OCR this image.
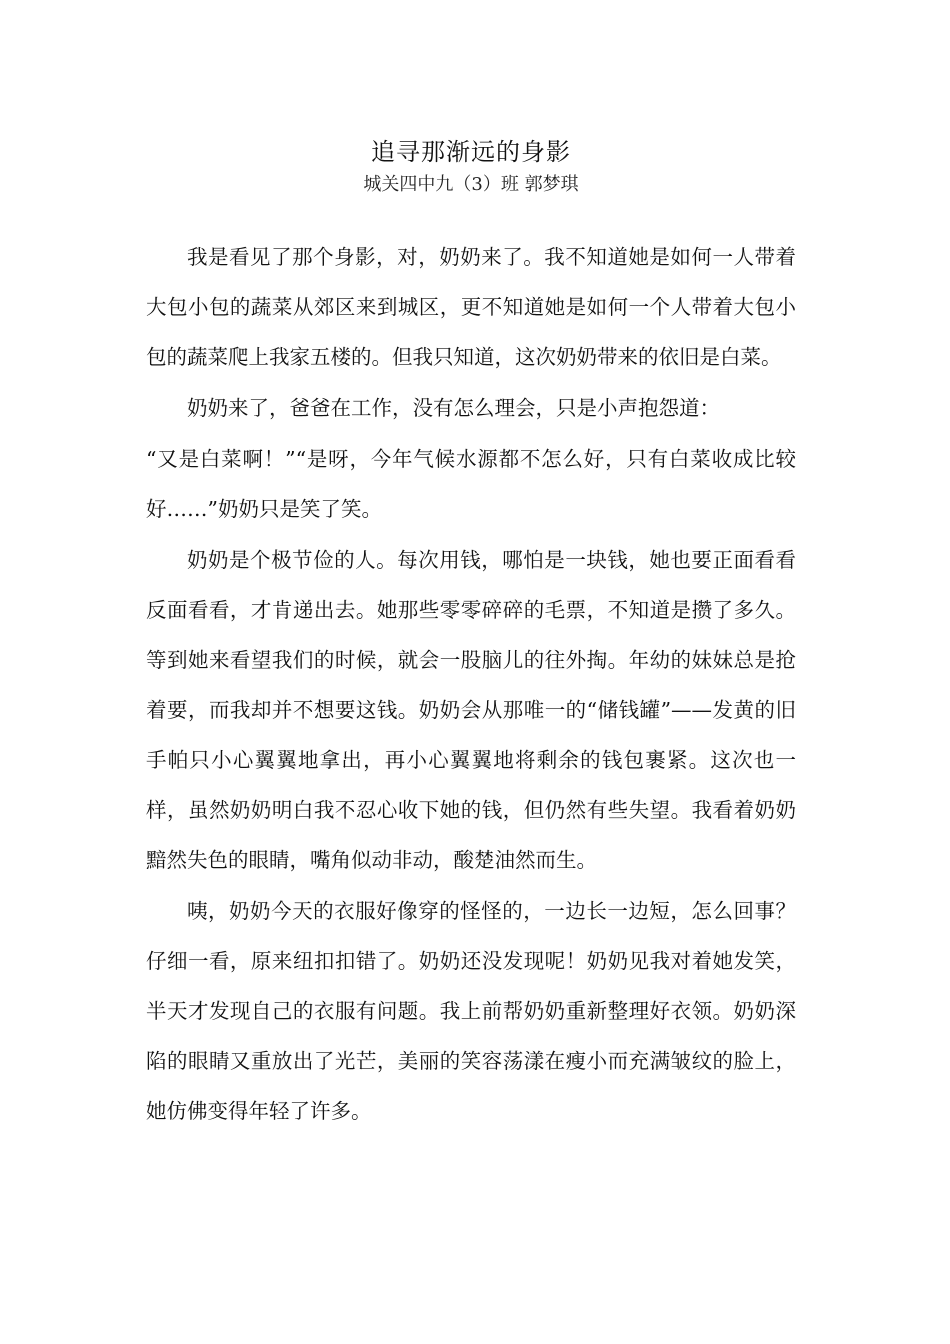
追寻那渐远的身影

城关四中九（3）班 郭梦琪

我是看见了那个身影，对，奶奶来了。我不知道她是如何一人带着大包小包的蔬菜从郊区来到城区，更不知道她是如何一个人带着大包小包的蔬菜爬上我家五楼的。但我只知道，这次奶奶带来的依旧是白菜。

奶奶来了，爸爸在工作，没有怎么理会，只是小声抱怨道：

“又是白菜啊！”“是呀，今年气候水源都不怎么好，只有白菜收成比较好……”奶奶只是笑了笑。

奶奶是个极节俭的人。每次用钱，哪怕是一块钱，她也要正面看看反面看看，才肯递出去。她那些零零碎碎的毛票，不知道是攒了多久。等到她来看望我们的时候，就会一股脑儿的往外掏。年幼的妹妹总是抢着要，而我却并不想要这钱。奶奶会从那唯一的“储钱罐”——发黄的旧手帕只小心翼翼地拿出，再小心翼翼地将剩余的钱包裹紧。这次也一样，虽然奶奶明白我不忍心收下她的钱，但仍然有些失望。我看着奶奶黯然失色的眼睛，嘴角似动非动，酸楚油然而生。

咦，奶奶今天的衣服好像穿的怪怪的，一边长一边短，怎么回事？仔细一看，原来纽扣扣错了。奶奶还没发现呢！奶奶见我对着她发笑，半天才发现自己的衣服有问题。我上前帮奶奶重新整理好衣领。奶奶深陷的眼睛又重放出了光芒，美丽的笑容荡漾在瘦小而充满皱纹的脸上，她仿佛变得年轻了许多。
